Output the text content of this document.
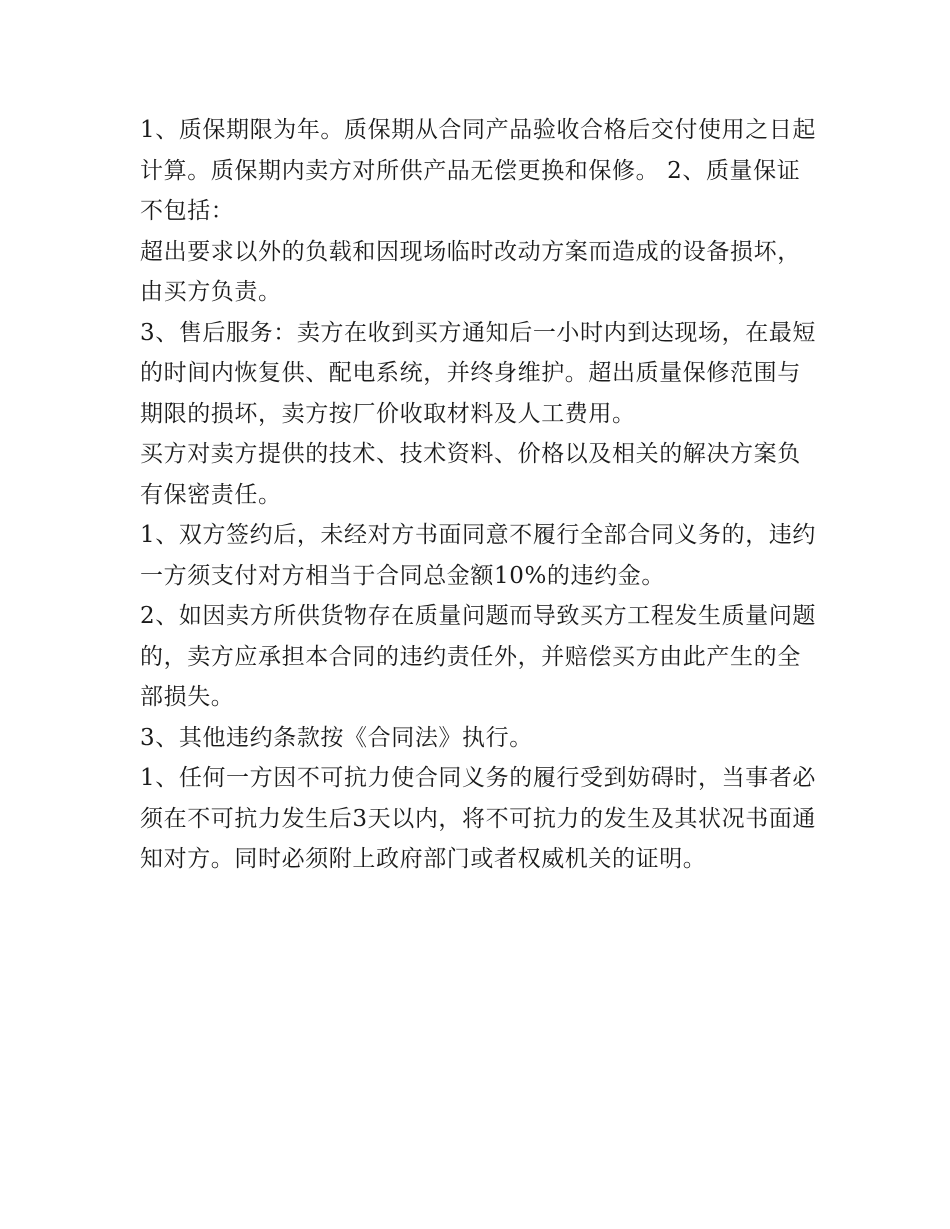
1、质保期限为年。质保期从合同产品验收合格后交付使用之日起计算。质保期内卖方对所供产品无偿更换和保修。 2、质量保证不包括：

超出要求以外的负载和因现场临时改动方案而造成的设备损坏，由买方负责。

3、售后服务：卖方在收到买方通知后一小时内到达现场，在最短的时间内恢复供、配电系统，并终身维护。超出质量保修范围与期限的损坏，卖方按厂价收取材料及人工费用。

买方对卖方提供的技术、技术资料、价格以及相关的解决方案负有保密责任。

1、双方签约后，未经对方书面同意不履行全部合同义务的，违约一方须支付对方相当于合同总金额10%的违约金。

2、如因卖方所供货物存在质量问题而导致买方工程发生质量问题的，卖方应承担本合同的违约责任外，并赔偿买方由此产生的全部损失。

3、其他违约条款按《合同法》执行。

1、任何一方因不可抗力使合同义务的履行受到妨碍时，当事者必须在不可抗力发生后3天以内，将不可抗力的发生及其状况书面通知对方。同时必须附上政府部门或者权威机关的证明。
